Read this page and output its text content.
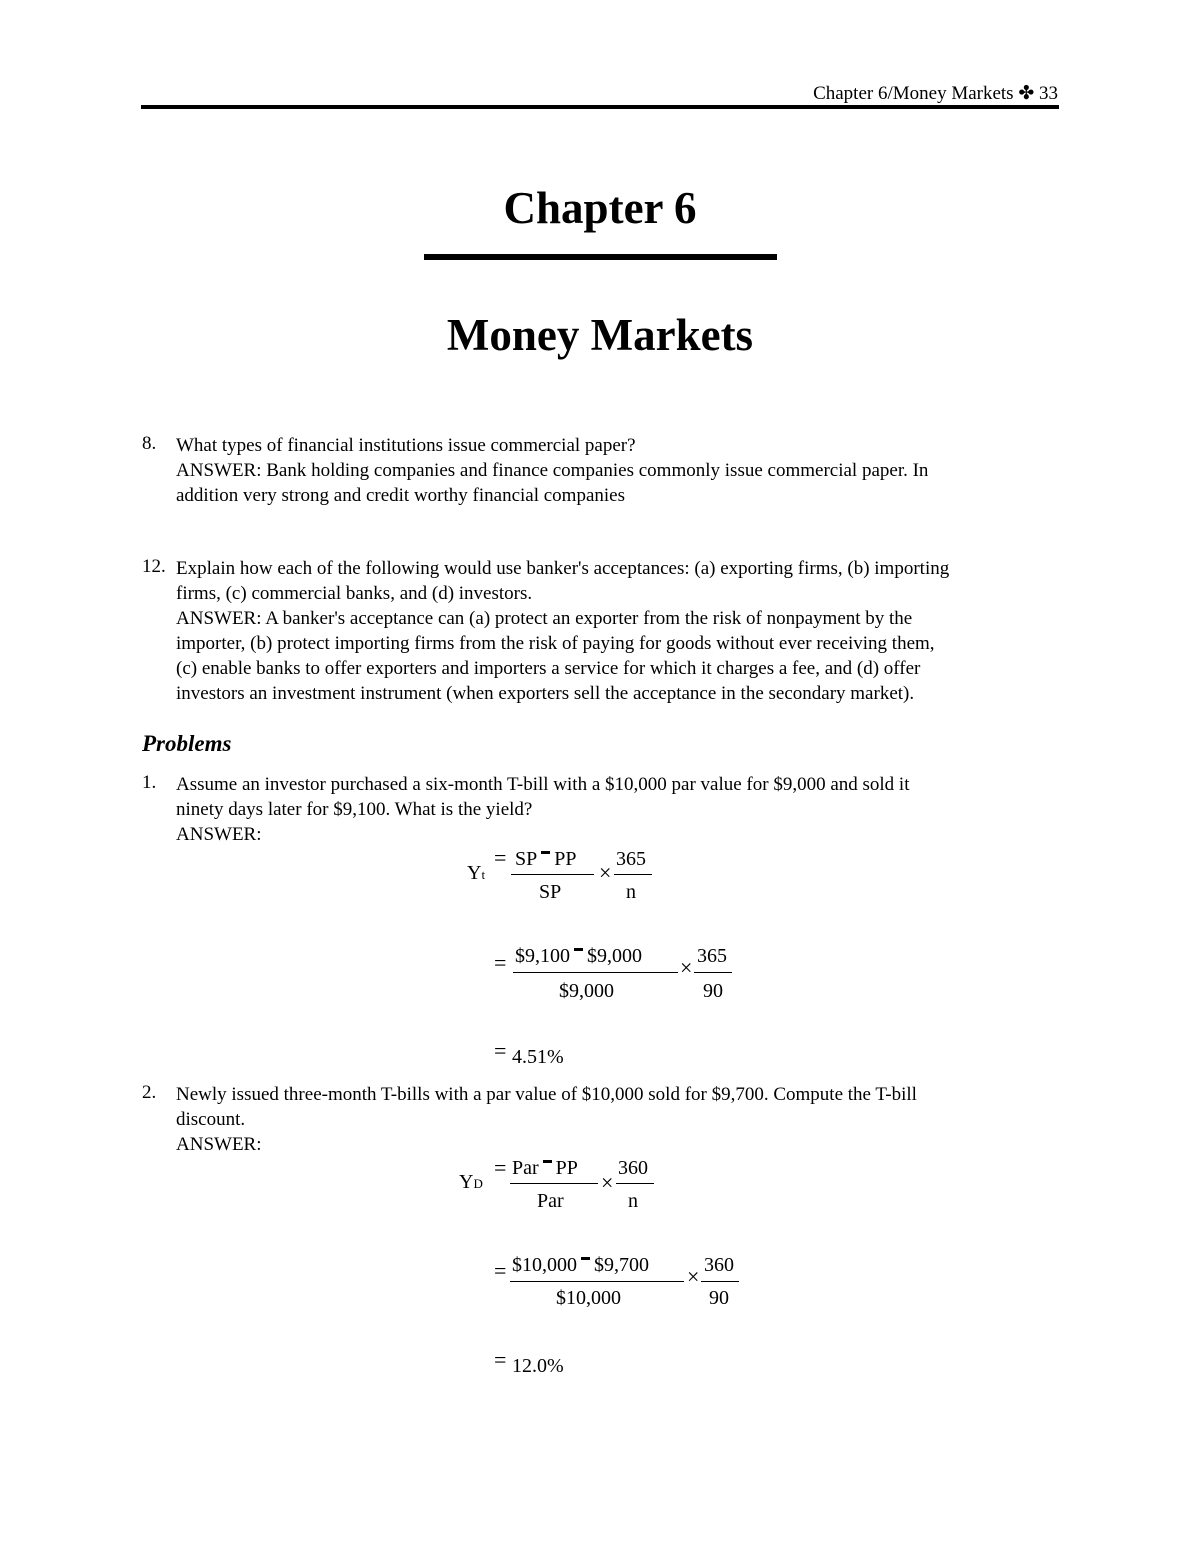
Chapter 6/Money Markets ✤ 33
Chapter 6
Money Markets
8. What types of financial institutions issue commercial paper?
ANSWER: Bank holding companies and finance companies commonly issue commercial paper. In
addition very strong and credit worthy financial companies
12. Explain how each of the following would use banker's acceptances: (a) exporting firms, (b) importing
firms, (c) commercial banks, and (d) investors.
ANSWER: A banker's acceptance can (a) protect an exporter from the risk of nonpayment by the
importer, (b) protect importing firms from the risk of paying for goods without ever receiving them,
(c) enable banks to offer exporters and importers a service for which it charges a fee, and (d) offer
investors an investment instrument (when exporters sell the acceptance in the secondary market).
Problems
1. Assume an investor purchased a six-month T-bill with a $10,000 par value for $9,000 and sold it
ninety days later for $9,100. What is the yield?
ANSWER:
Yt
= SP PP
SP
×
365
n
= $9,100 $9,000
$9,000
× 365
90
= 4.51%
2. Newly issued three-month T-bills with a par value of $10,000 sold for $9,700. Compute the T-bill
discount.
ANSWER:
YD
= Par PP
Par
×
360
n
= $10,000 $9,700
$10,000
× 360
90
= 12.0%
